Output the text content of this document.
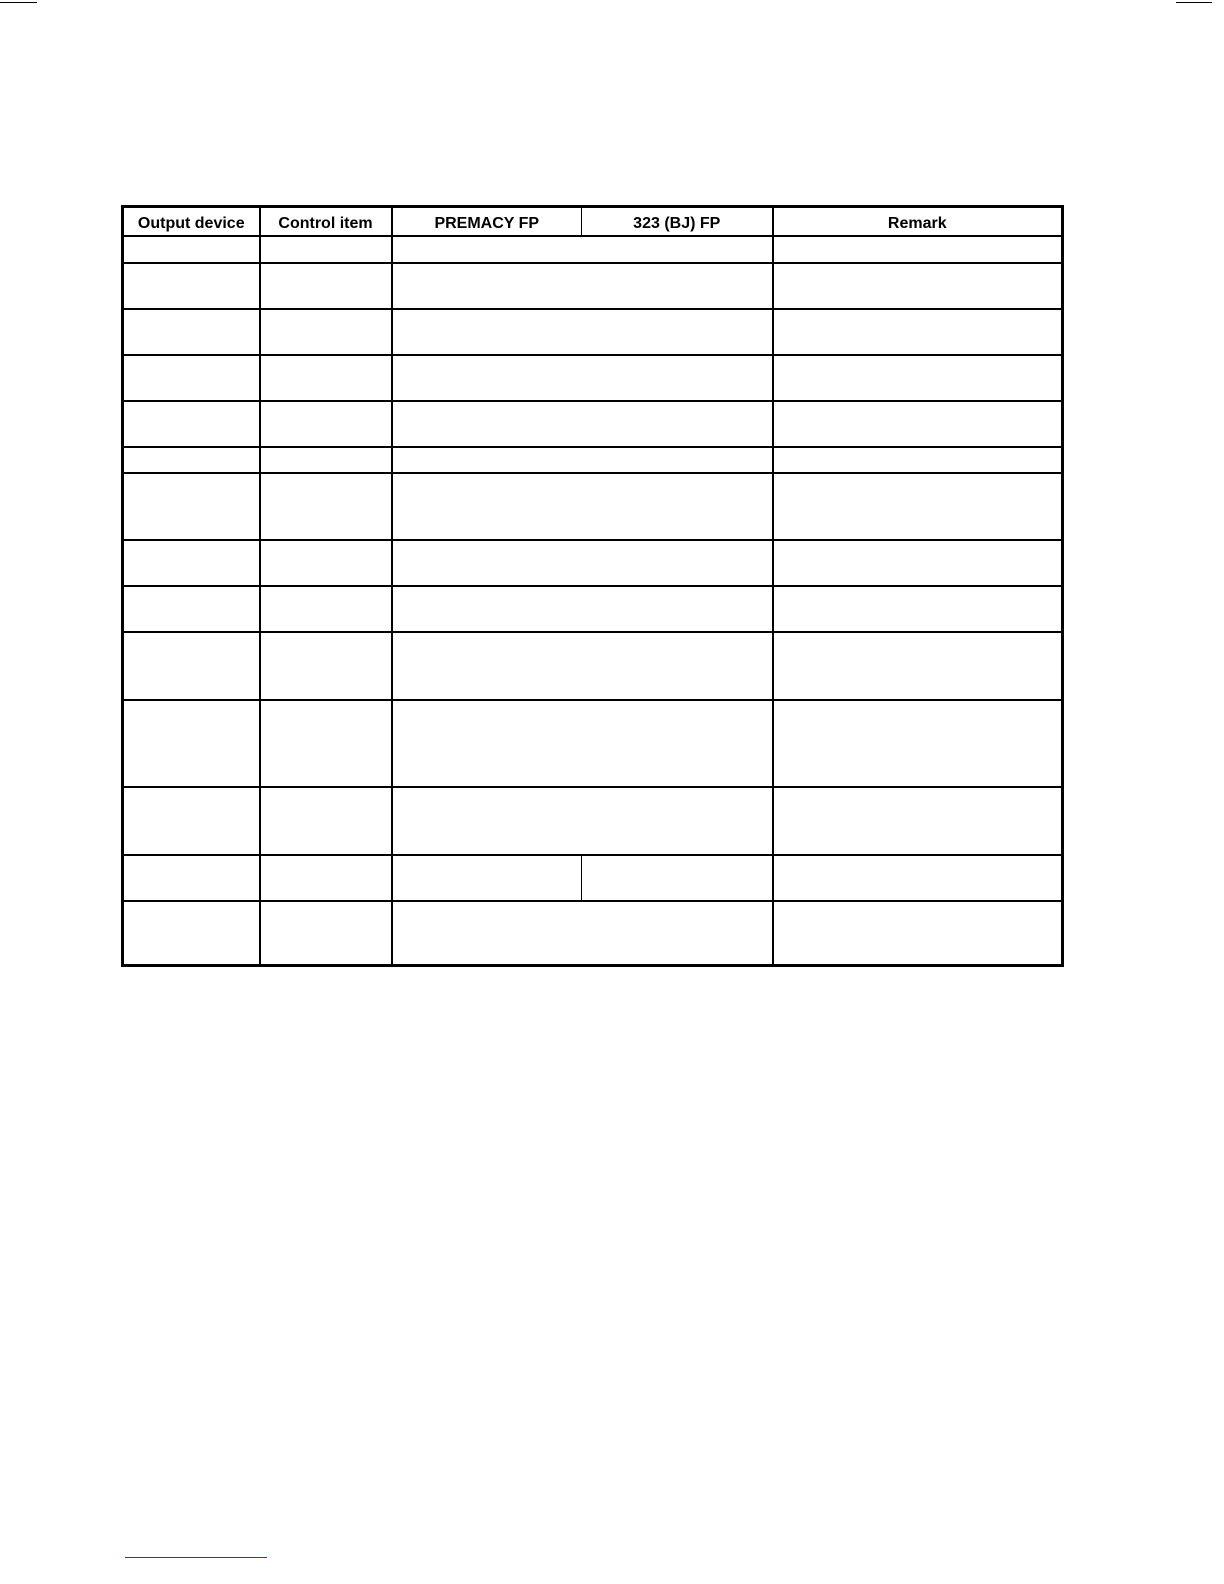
Output device	Control item	PREMACY FP	323 (BJ) FP	Remark
